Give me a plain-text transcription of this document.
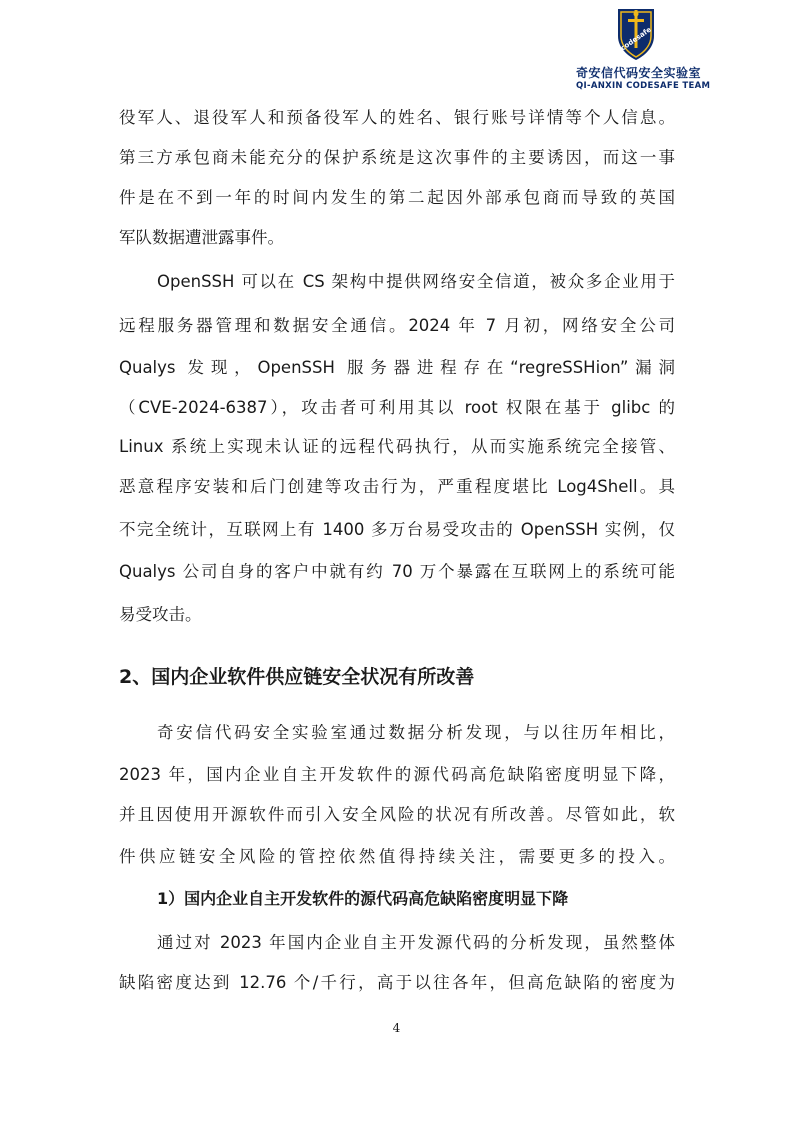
codesafe
奇安信代码安全实验室
QI-ANXIN CODESAFE TEAM
役军人、退役军人和预备役军人的姓名、银行账号详情等个人信息。
第三方承包商未能充分的保护系统是这次事件的主要诱因，而这一事
件是在不到一年的时间内发生的第二起因外部承包商而导致的英国
军队数据遭泄露事件。
OpenSSH 可以在 CS 架构中提供网络安全信道，被众多企业用于
远程服务器管理和数据安全通信。2024 年 7 月初，网络安全公司
Qualys 发现，OpenSSH 服务器进程存在“regreSSHion”漏洞
（CVE-2024-6387），攻击者可利用其以 root 权限在基于 glibc 的
Linux 系统上实现未认证的远程代码执行，从而实施系统完全接管、
恶意程序安装和后门创建等攻击行为，严重程度堪比 Log4Shell。具
不完全统计，互联网上有 1400 多万台易受攻击的 OpenSSH 实例，仅
Qualys 公司自身的客户中就有约 70 万个暴露在互联网上的系统可能
易受攻击。
2、国内企业软件供应链安全状况有所改善
奇安信代码安全实验室通过数据分析发现，与以往历年相比，
2023 年，国内企业自主开发软件的源代码高危缺陷密度明显下降，
并且因使用开源软件而引入安全风险的状况有所改善。尽管如此，软
件供应链安全风险的管控依然值得持续关注，需要更多的投入。
1）国内企业自主开发软件的源代码高危缺陷密度明显下降
通过对 2023 年国内企业自主开发源代码的分析发现，虽然整体
缺陷密度达到 12.76 个/千行，高于以往各年，但高危缺陷的密度为
4
